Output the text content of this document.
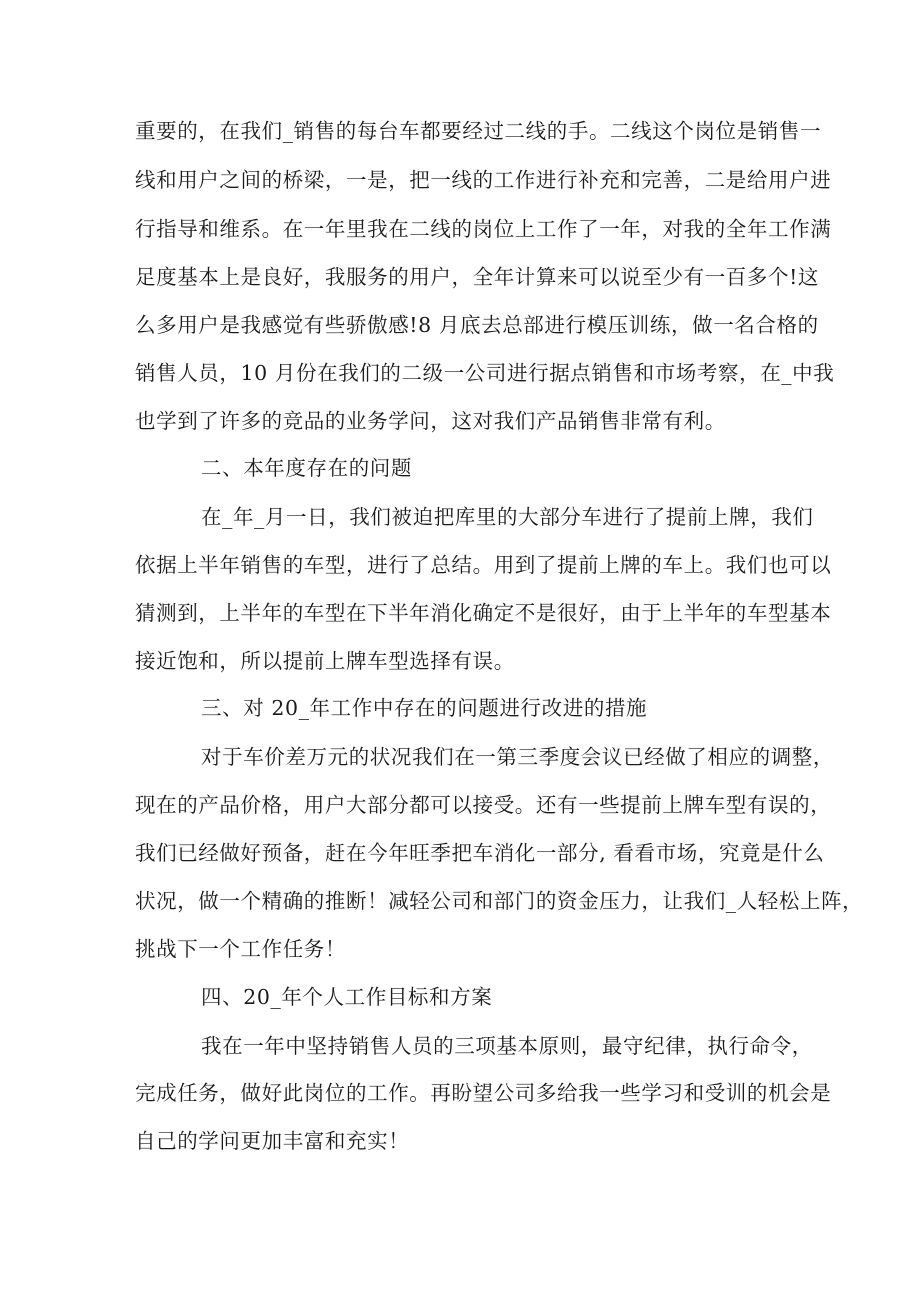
重要的，在我们_销售的每台车都要经过二线的手。二线这个岗位是销售一
线和用户之间的桥梁，一是，把一线的工作进行补充和完善，二是给用户进
行指导和维系。在一年里我在二线的岗位上工作了一年，对我的全年工作满
足度基本上是良好，我服务的用户，全年计算来可以说至少有一百多个!这
么多用户是我感觉有些骄傲感!8 月底去总部进行模压训练，做一名合格的
销售人员，10 月份在我们的二级一公司进行据点销售和市场考察，在_中我
也学到了许多的竞品的业务学问，这对我们产品销售非常有利。
二、本年度存在的问题
在_年_月一日，我们被迫把库里的大部分车进行了提前上牌，我们
依据上半年销售的车型，进行了总结。用到了提前上牌的车上。我们也可以
猜测到，上半年的车型在下半年消化确定不是很好，由于上半年的车型基本
接近饱和，所以提前上牌车型选择有误。
三、对 20_年工作中存在的问题进行改进的措施
对于车价差万元的状况我们在一第三季度会议已经做了相应的调整，
现在的产品价格，用户大部分都可以接受。还有一些提前上牌车型有误的，
我们已经做好预备，赶在今年旺季把车消化一部分, 看看市场，究竟是什么
状况，做一个精确的推断！减轻公司和部门的资金压力，让我们_人轻松上阵，
挑战下一个工作任务！
四、20_年个人工作目标和方案
我在一年中坚持销售人员的三项基本原则，最守纪律，执行命令，
完成任务，做好此岗位的工作。再盼望公司多给我一些学习和受训的机会是
自己的学问更加丰富和充实！
